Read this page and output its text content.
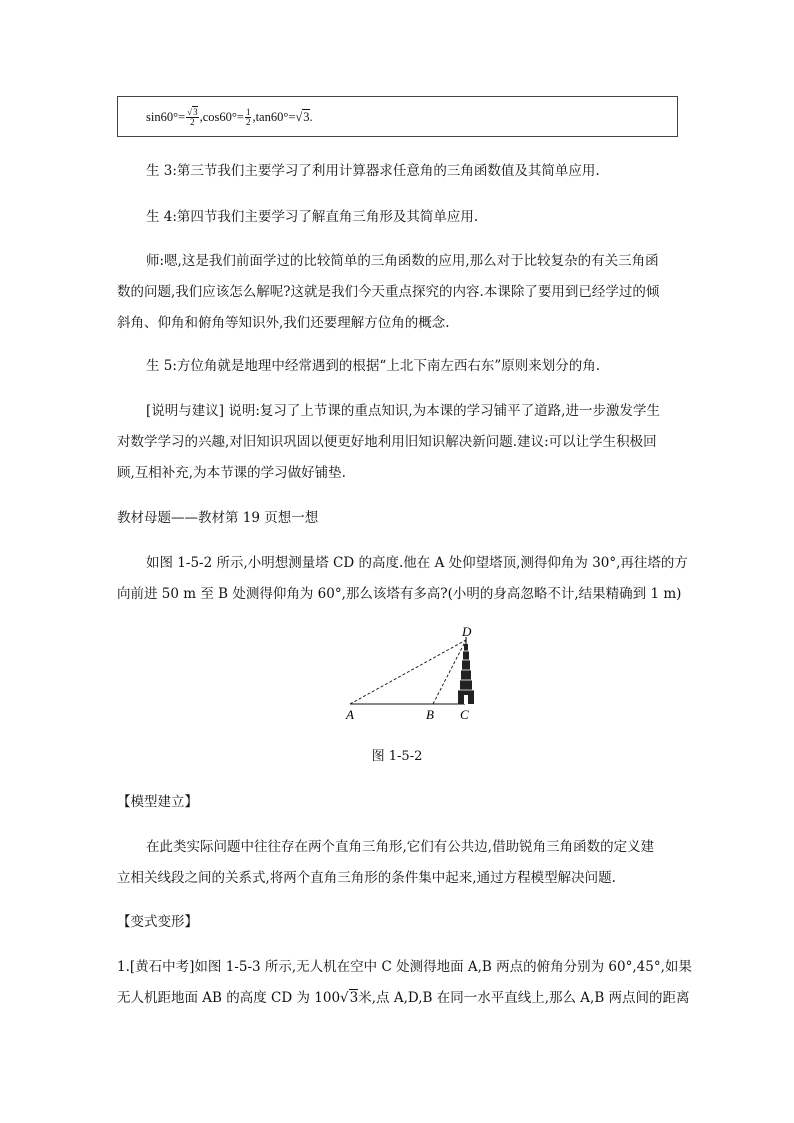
$\sin 60^\circ= \frac{√3}{2} ,\cos 60^\circ= \frac{1}{2} ,\tan 60^\circ= √3$ .
生 3:第三节我们主要学习了利用计算器求任意角的三角函数值及其简单应用.
生 4:第四节我们主要学习了解直角三角形及其简单应用.
师:嗯,这是我们前面学过的比较简单的三角函数的应用,那么对于比较复杂的有关三角函
数的问题,我们应该怎么解呢?这就是我们今天重点探究的内容.本课除了要用到已经学过的倾
斜角、仰角和俯角等知识外,我们还要理解方位角的概念.
生 5:方位角就是地理中经常遇到的根据“上北下南左西右东”原则来划分的角.
[说明与建议] 说明:复习了上节课的重点知识,为本课的学习铺平了道路,进一步激发学生
对数学学习的兴趣,对旧知识巩固以便更好地利用旧知识解决新问题.建议:可以让学生积极回
顾,互相补充,为本节课的学习做好铺垫.
教材母题——教材第 19 页想一想
如图 1-5-2 所示,小明想测量塔 CD 的高度.他在 A 处仰望塔顶,测得仰角为 30°,再往塔的方
向前进 50 m 至 B 处测得仰角为 60°,那么该塔有多高?(小明的身高忽略不计,结果精确到 1 m)
A	B C
D
图 1-5-2
【模型建立】
在此类实际问题中往往存在两个直角三角形,它们有公共边,借助锐角三角函数的定义建
立相关线段之间的关系式,将两个直角三角形的条件集中起来,通过方程模型解决问题.
【变式变形】
1.[黄石中考]如图 1-5-3 所示,无人机在空中 C 处测得地面 A,B 两点的俯角分别为 60°,45°,如果
无人机距地面 AB 的高度 CD 为 100√3米,点 A,D,B 在同一水平直线上,那么 A,B 两点间的距离
